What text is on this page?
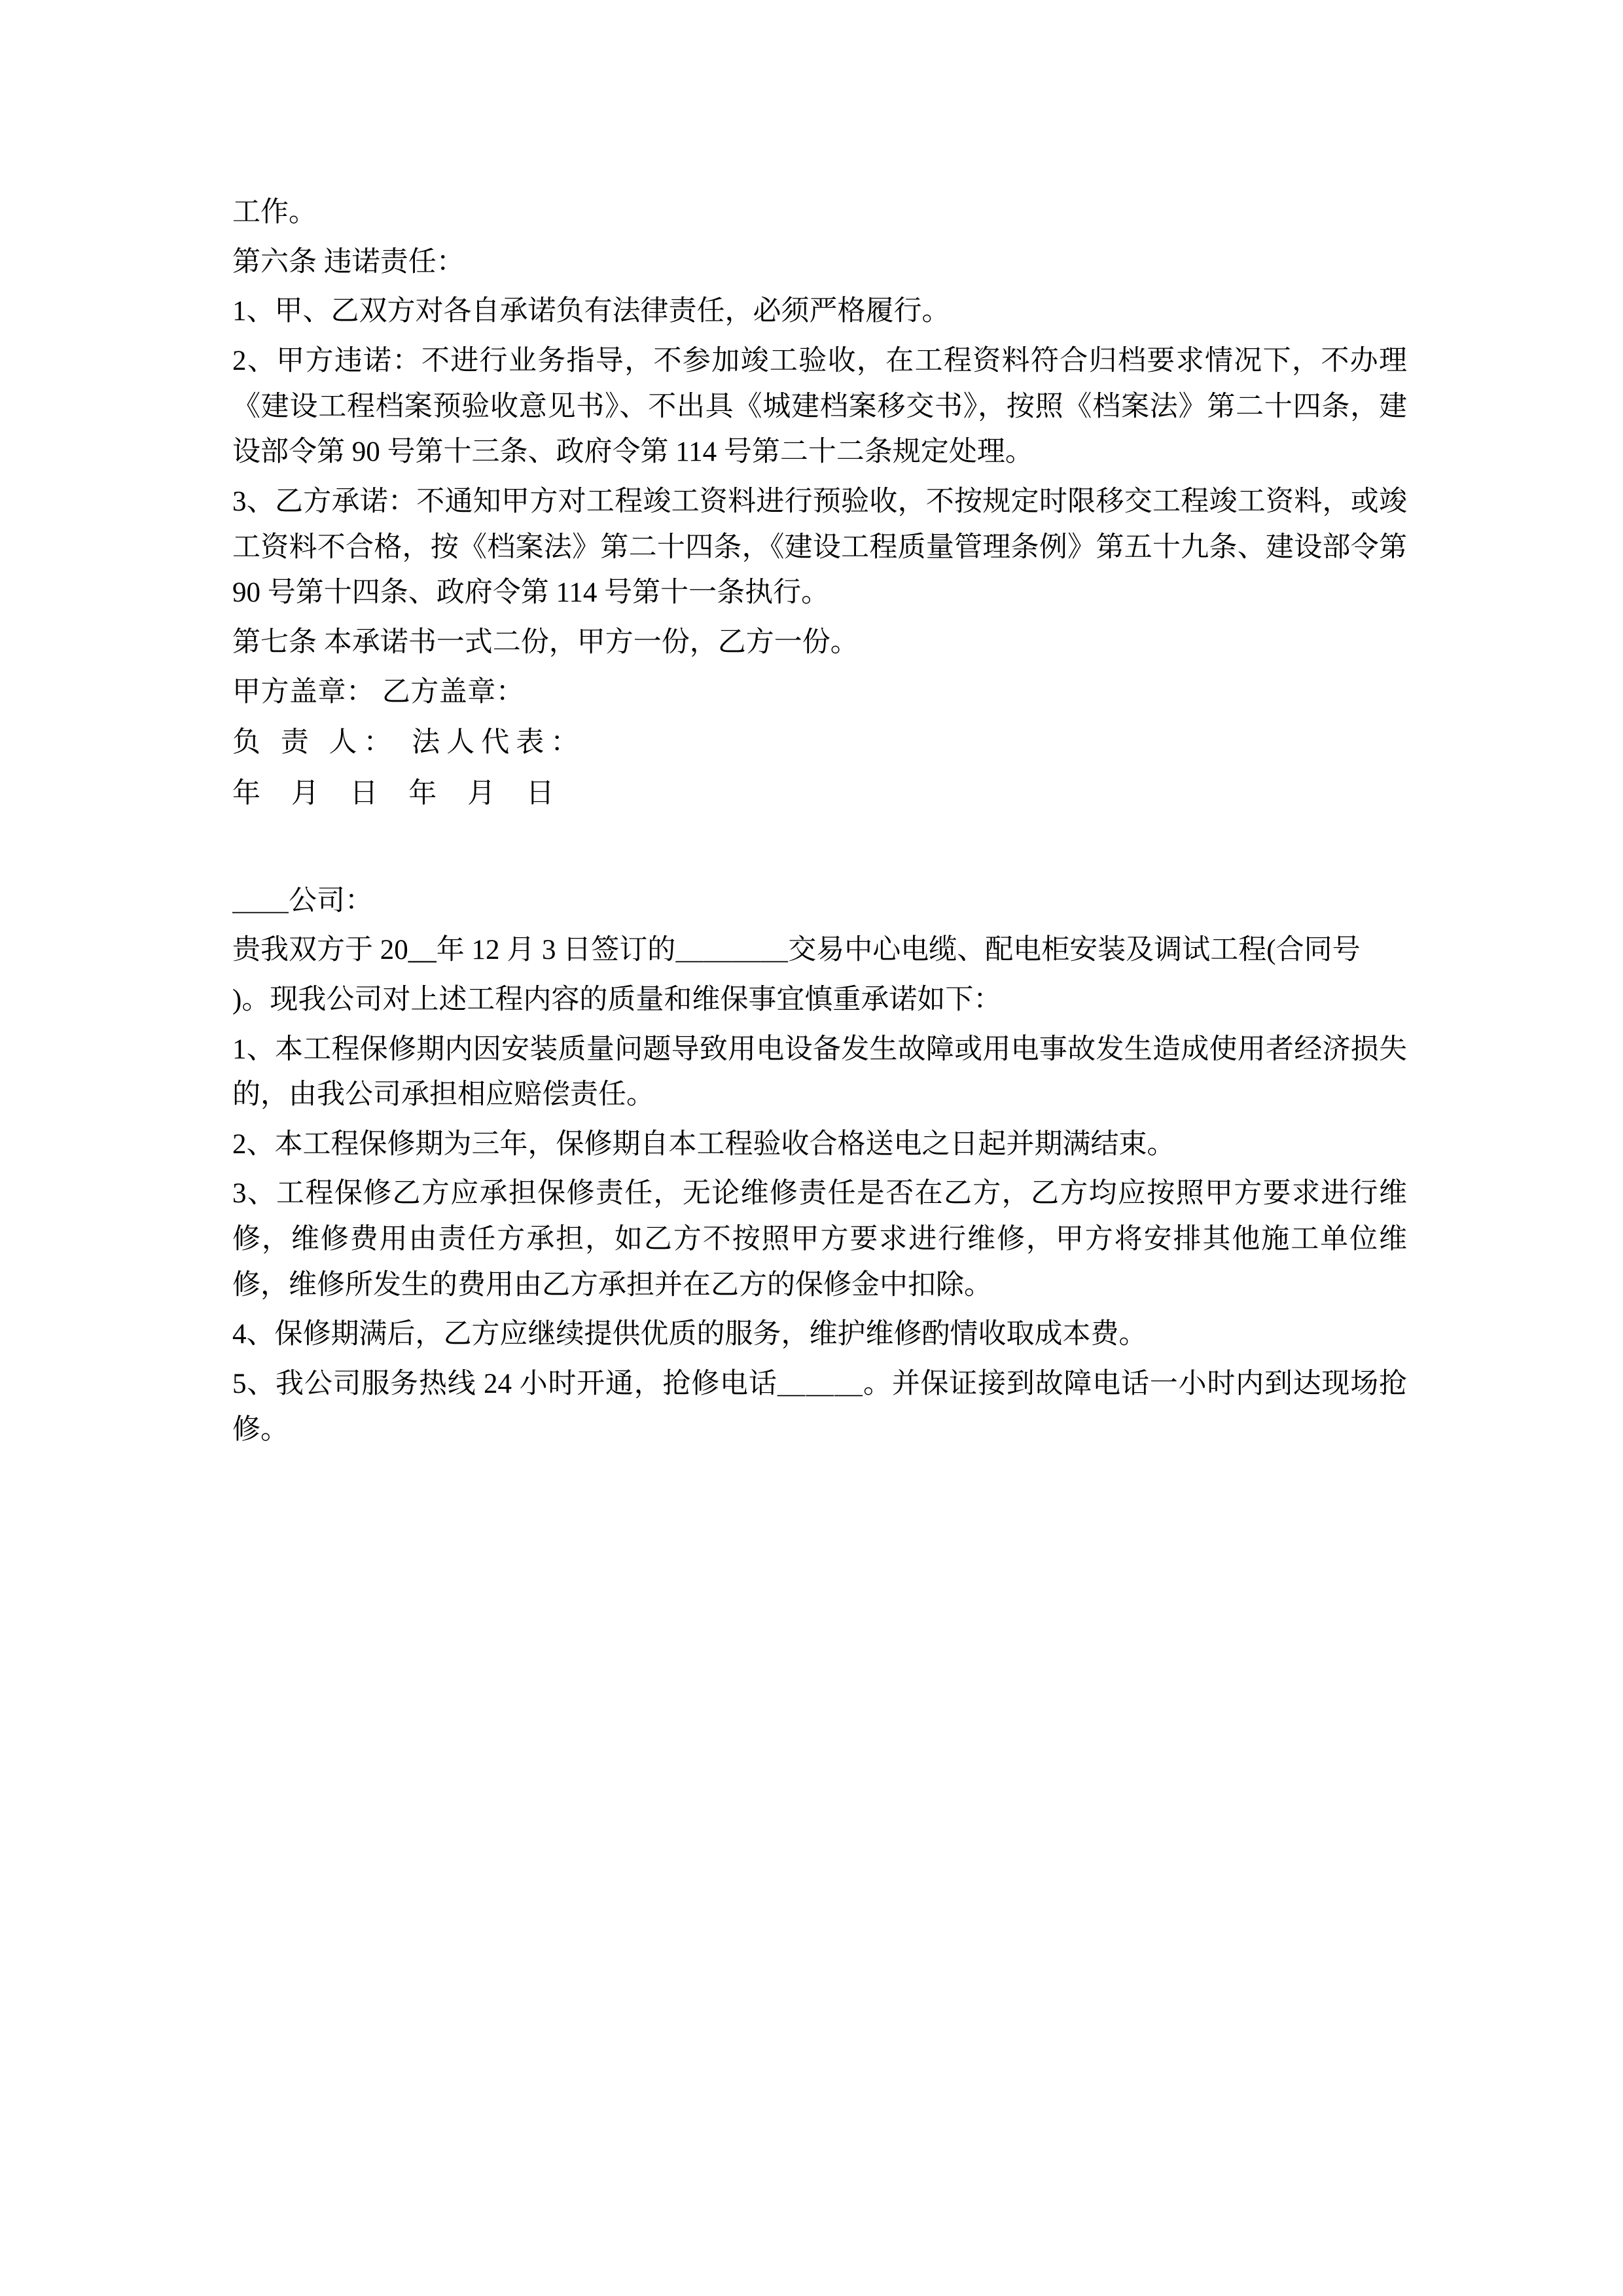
工作。

第六条 违诺责任：

1、甲、乙双方对各自承诺负有法律责任，必须严格履行。

2、甲方违诺：不进行业务指导，不参加竣工验收，在工程资料符合归档要求情况下，不办理《建设工程档案预验收意见书》、不出具《城建档案移交书》，按照《档案法》第二十四条，建设部令第 90 号第十三条、政府令第 114 号第二十二条规定处理。

3、乙方承诺：不通知甲方对工程竣工资料进行预验收，不按规定时限移交工程竣工资料，或竣工资料不合格，按《档案法》第二十四条，《建设工程质量管理条例》第五十九条、建设部令第 90 号第十四条、政府令第 114 号第十一条执行。

第七条 本承诺书一式二份，甲方一份，乙方一份。

甲方盖章： 乙方盖章：

负 责 人： 法人代表：

年 月 日 年 月 日

＿＿公司：

贵我双方于 20__年 12 月 3 日签订的＿＿＿＿交易中心电缆、配电柜安装及调试工程(合同号

)。现我公司对上述工程内容的质量和维保事宜慎重承诺如下：

1、本工程保修期内因安装质量问题导致用电设备发生故障或用电事故发生造成使用者经济损失的，由我公司承担相应赔偿责任。

2、本工程保修期为三年，保修期自本工程验收合格送电之日起并期满结束。

3、工程保修乙方应承担保修责任，无论维修责任是否在乙方，乙方均应按照甲方要求进行维修，维修费用由责任方承担，如乙方不按照甲方要求进行维修，甲方将安排其他施工单位维修，维修所发生的费用由乙方承担并在乙方的保修金中扣除。

4、保修期满后，乙方应继续提供优质的服务，维护维修酌情收取成本费。

5、我公司服务热线 24 小时开通，抢修电话＿＿＿。并保证接到故障电话一小时内到达现场抢修。
